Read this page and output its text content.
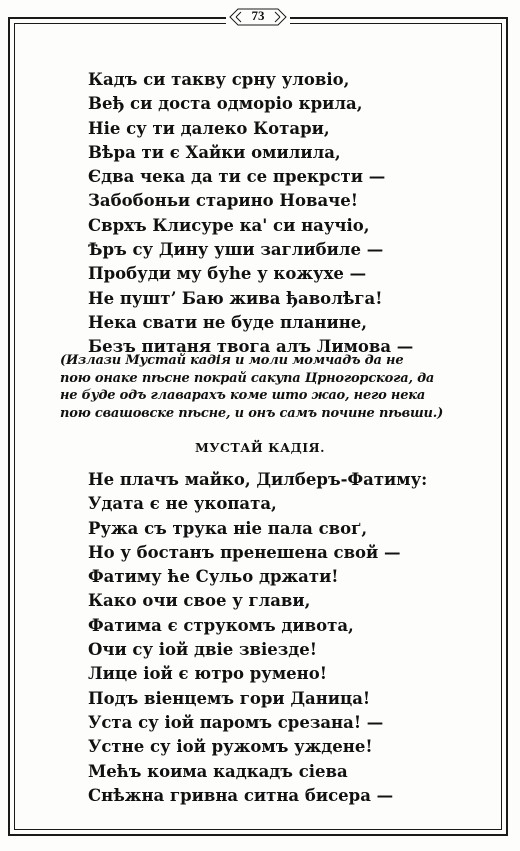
73
Кадъ си такву срну уловіо,
Веђ си доста одморіо крила,
Ніе су ти далеко Котари,
Вѣра ти є Хайки омилила,
Єдва чека да ти се прекрсти —
Забобоньи старино Новаче!
Сврхъ Клисуре ка' си научіо,
Ѣръ су Дину уши заглибиле —
Пробуди му буhе у кожухе —
Не пуштʼ Баю жива ђаволѣга!
Нека свати не буде планине,
Безъ питаня твога алъ Лимова —
(Излази Мустай кадія и моли момчадъ да не
пою онаке пѣсне покрай сакупа Црногорскога, да
не буде одъ главарахъ коме што жао, него нека
пою свашовске пѣсне, и онъ самъ почине пѣвши.)
МУСТАЙ КАДІЯ.
Не плачъ майко, Дилберъ-Фатиму:
Удата є не укопата,
Ружа съ трука ніе пала своґ,
Но у бостанъ пренешена свой —
Фатиму ће Сульо држати!
Како очи свое у глави,
Фатима є струкомъ дивота,
Очи су іой двіе звіезде!
Лице іой є ютро румено!
Подъ віенцемъ гори Даница!
Уста су іой паромъ срезана! —
Устне су іой ружомъ уждене!
Мећъ коима кадкадъ сіева
Снѣжна гривна ситна бисера —
